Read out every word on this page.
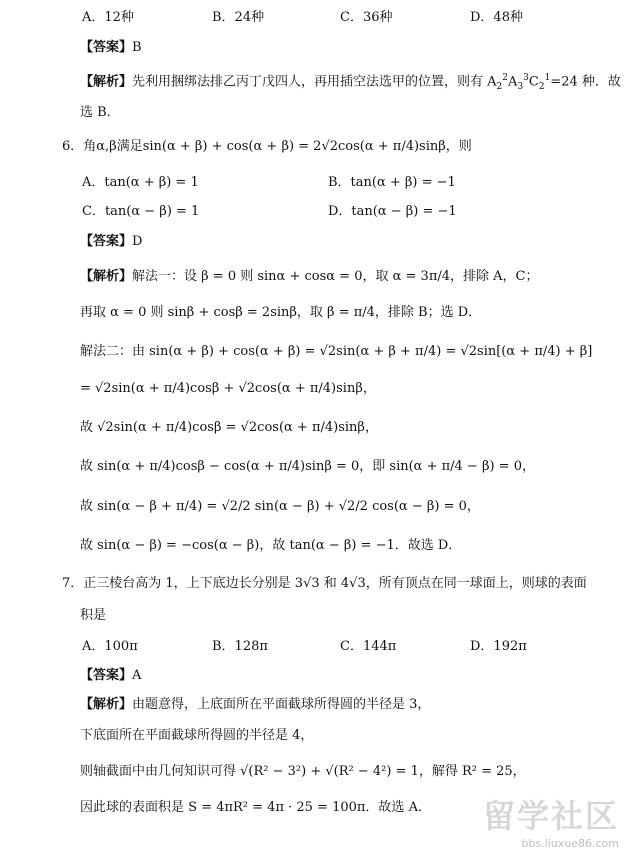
A．12种	B．24种	C．36种	D．48种
【答案】B
【解析】先利用捆绑法排乙丙丁戊四人，再用插空法选甲的位置，则有 $A_2^2A_3^3C_2^1=24$ 种．故
选 B．
6．角α,β满足sin(α + β) + cos(α + β) = 2√2cos(α + π/4)sinβ，则
A．tan(α + β) = 1	B．tan(α + β) = −1
C．tan(α − β) = 1	D．tan(α − β) = −1
【答案】D
【解析】解法一：设 β = 0 则 sinα + cosα = 0，取 α = 3π/4，排除 A，C；
再取 α = 0 则 sinβ + cosβ = 2sinβ，取 β = π/4，排除 B；选 D．
解法二：由 sin(α + β) + cos(α + β) = √2sin(α + β + π/4) = √2sin[(α + π/4) + β]
= √2sin(α + π/4)cosβ + √2cos(α + π/4)sinβ，
故 √2sin(α + π/4)cosβ = √2cos(α + π/4)sinβ，
故 sin(α + π/4)cosβ − cos(α + π/4)sinβ = 0，即 sin(α + π/4 − β) = 0，
故 sin(α − β + π/4) = √2/2 sin(α − β) + √2/2 cos(α − β) = 0，
故 sin(α − β) = −cos(α − β)，故 tan(α − β) = −1．故选 D．
7．正三棱台高为 1，上下底边长分别是 3√3 和 4√3，所有顶点在同一球面上，则球的表面
积是
A．100π	B．128π	C．144π	D．192π
【答案】A
【解析】由题意得，上底面所在平面截球所得圆的半径是 3，
下底面所在平面截球所得圆的半径是 4，
则轴截面中由几何知识可得 √(R² − 3²) + √(R² − 4²) = 1，解得 R² = 25，
因此球的表面积是 S = 4πR² = 4π · 25 = 100π．故选 A． 留学社区
bbs.liuxue86.com
